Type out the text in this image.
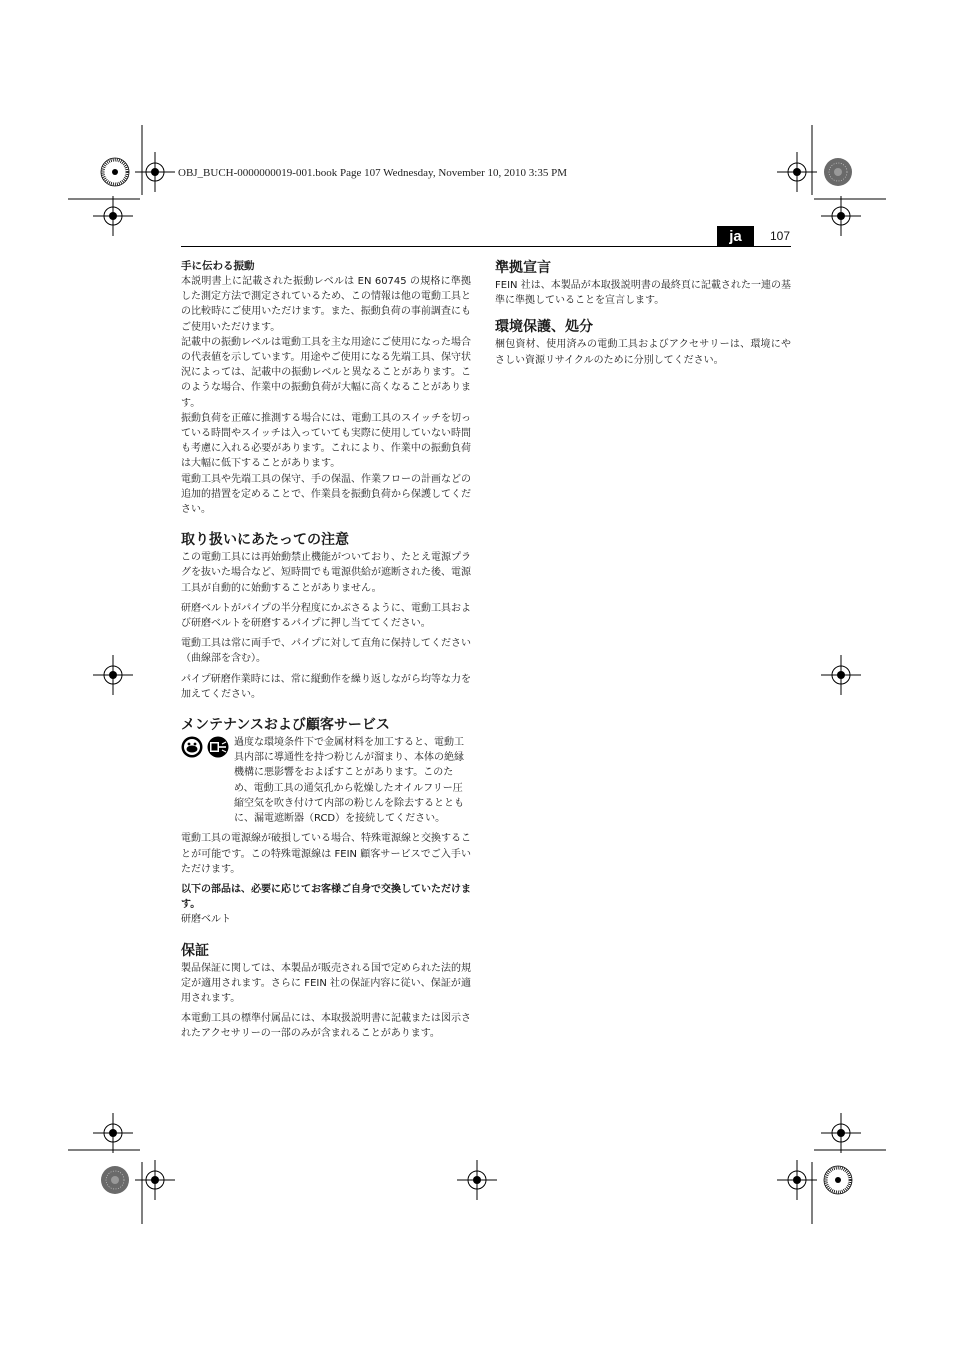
OBJ_BUCH-0000000019-001.book Page 107 Wednesday, November 10, 2010 3:35 PM
ja	107
手に伝わる振動

本説明書上に記載された振動レベルは EN 60745 の規格に準拠した測定方法で測定されているため、この情報は他の電動工具との比較時にご使用いただけます。また、振動負荷の事前調査にもご使用いただけます。

記載中の振動レベルは電動工具を主な用途にご使用になった場合の代表値を示しています。用途やご使用になる先端工具、保守状況によっては、記載中の振動レベルと異なることがあります。このような場合、作業中の振動負荷が大幅に高くなることがあります。

振動負荷を正確に推測する場合には、電動工具のスイッチを切っている時間やスイッチは入っていても実際に使用していない時間も考慮に入れる必要があります。これにより、作業中の振動負荷は大幅に低下することがあります。

電動工具や先端工具の保守、手の保温、作業フローの計画などの追加的措置を定めることで、作業員を振動負荷から保護してください。

取り扱いにあたっての注意

この電動工具には再始動禁止機能がついており、たとえ電源プラグを抜いた場合など、短時間でも電源供給が遮断された後、電源工具が自動的に始動することがありません。

研磨ベルトがパイプの半分程度にかぶさるように、電動工具および研磨ベルトを研磨するパイプに押し当ててください。

電動工具は常に両手で、パイプに対して直角に保持してください（曲線部を含む）。

パイプ研磨作業時には、常に縦動作を繰り返しながら均等な力を加えてください。

メンテナンスおよび顧客サービス
過度な環境条件下で金属材料を加工すると、電動工具内部に導通性を持つ粉じんが溜まり、本体の絶縁機構に悪影響をおよぼすことがあります。このため、電動工具の通気孔から乾燥したオイルフリー圧縮空気を吹き付けて内部の粉じんを除去するとともに、漏電遮断器（RCD）を接続してください。

電動工具の電源線が破損している場合、特殊電源線と交換することが可能です。この特殊電源線は FEIN 顧客サービスでご入手いただけます。

以下の部品は、必要に応じてお客様ご自身で交換していただけます。

研磨ベルト

保証

製品保証に関しては、本製品が販売される国で定められた法的規定が適用されます。さらに FEIN 社の保証内容に従い、保証が適用されます。

本電動工具の標準付属品には、本取扱説明書に記載または図示されたアクセサリーの一部のみが含まれることがあります。

準拠宣言

FEIN 社は、本製品が本取扱説明書の最終頁に記載された一連の基準に準拠していることを宣言します。

環境保護、処分

梱包資材、使用済みの電動工具およびアクセサリーは、環境にやさしい資源リサイクルのために分別してください。
